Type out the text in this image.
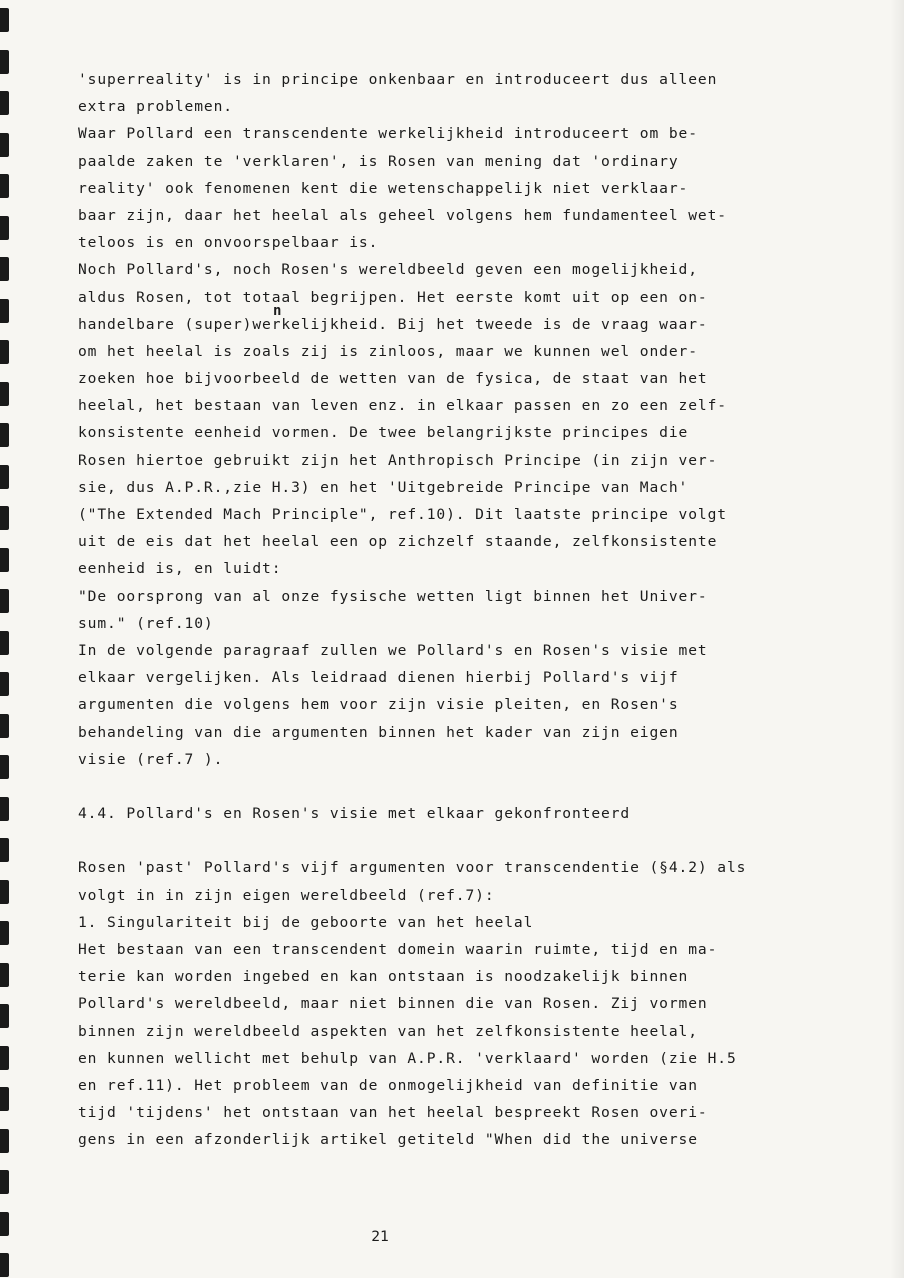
'superreality' is in principe onkenbaar en introduceert dus alleen
extra problemen.
Waar Pollard een transcendente werkelijkheid introduceert om be-
paalde zaken te 'verklaren', is Rosen van mening dat 'ordinary
reality' ook fenomenen kent die wetenschappelijk niet verklaar-
baar zijn, daar het heelal als geheel volgens hem fundamenteel wet-
teloos is en onvoorspelbaar is.
Noch Pollard's, noch Rosen's wereldbeeld geven een mogelijkheid,
aldus Rosen, tot totaal begrijpen. Het eerste komt uit op een on-
handelbare (super)werkelijkheid. Bij het tweede is de vraag waar-
om het heelal is zoals zij is zinloos, maar we kunnen wel onder-
zoeken hoe bijvoorbeeld de wetten van de fysica, de staat van het
heelal, het bestaan van leven enz. in elkaar passen en zo een zelf-
konsistente eenheid vormen. De twee belangrijkste principes die
Rosen hiertoe gebruikt zijn het Anthropisch Principe (in zijn ver-
sie, dus A.P.R.,zie H.3) en het 'Uitgebreide Principe van Mach'
("The Extended Mach Principle", ref.10). Dit laatste principe volgt
uit de eis dat het heelal een op zichzelf staande, zelfkonsistente
eenheid is, en luidt:
"De oorsprong van al onze fysische wetten ligt binnen het Univer-
sum." (ref.10)
In de volgende paragraaf zullen we Pollard's en Rosen's visie met
elkaar vergelijken. Als leidraad dienen hierbij Pollard's vijf
argumenten die volgens hem voor zijn visie pleiten, en Rosen's
behandeling van die argumenten binnen het kader van zijn eigen
visie (ref.7 ).
4.4. Pollard's en Rosen's visie met elkaar gekonfronteerd
Rosen 'past' Pollard's vijf argumenten voor transcendentie (§4.2) als
volgt in in zijn eigen wereldbeeld (ref.7):
1. Singulariteit bij de geboorte van het heelal
Het bestaan van een transcendent domein waarin ruimte, tijd en ma-
terie kan worden ingebed en kan ontstaan is noodzakelijk binnen
Pollard's wereldbeeld, maar niet binnen die van Rosen. Zij vormen
binnen zijn wereldbeeld aspekten van het zelfkonsistente heelal,
en kunnen wellicht met behulp van A.P.R. 'verklaard' worden (zie H.5
en ref.11). Het probleem van de onmogelijkheid van definitie van
tijd 'tijdens' het ontstaan van het heelal bespreekt Rosen overi-
gens in een afzonderlijk artikel getiteld "When did the universe
n
21
